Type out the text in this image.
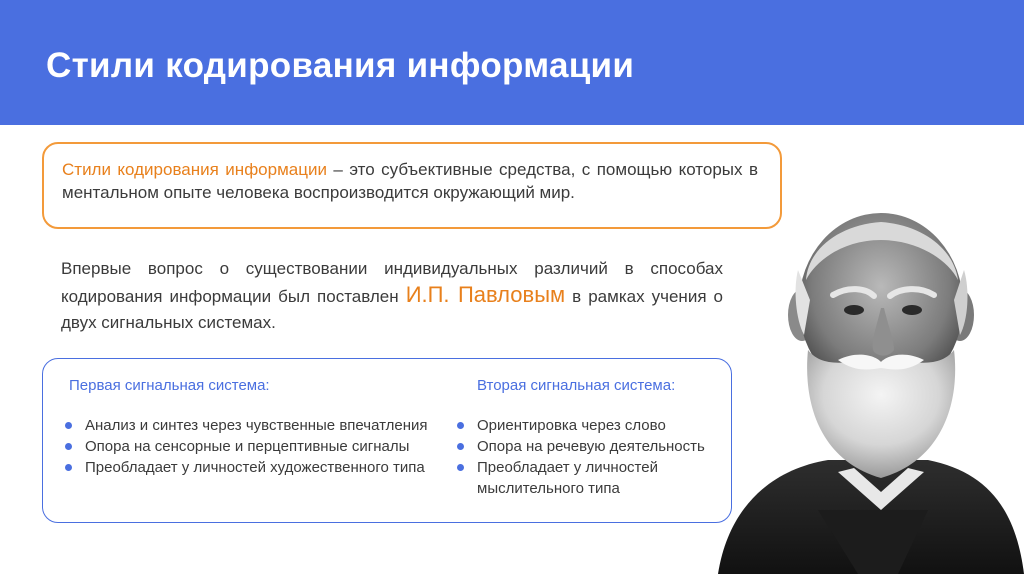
Стили кодирования информации

Стили кодирования информации – это субъективные средства, с помощью которых в ментальном опыте человека воспроизводится окружающий мир.

Впервые вопрос о существовании индивидуальных различий в способах кодирования информации был поставлен И.П. Павловым в рамках учения о двух сигнальных системах.

Первая сигнальная система:
Анализ и синтез через чувственные впечатления
Опора на сенсорные и перцептивные сигналы
Преобладает у личностей художественного типа
Вторая сигнальная система:
Ориентировка через слово
Опора на речевую деятельность
Преобладает у личностей мыслительного типа
